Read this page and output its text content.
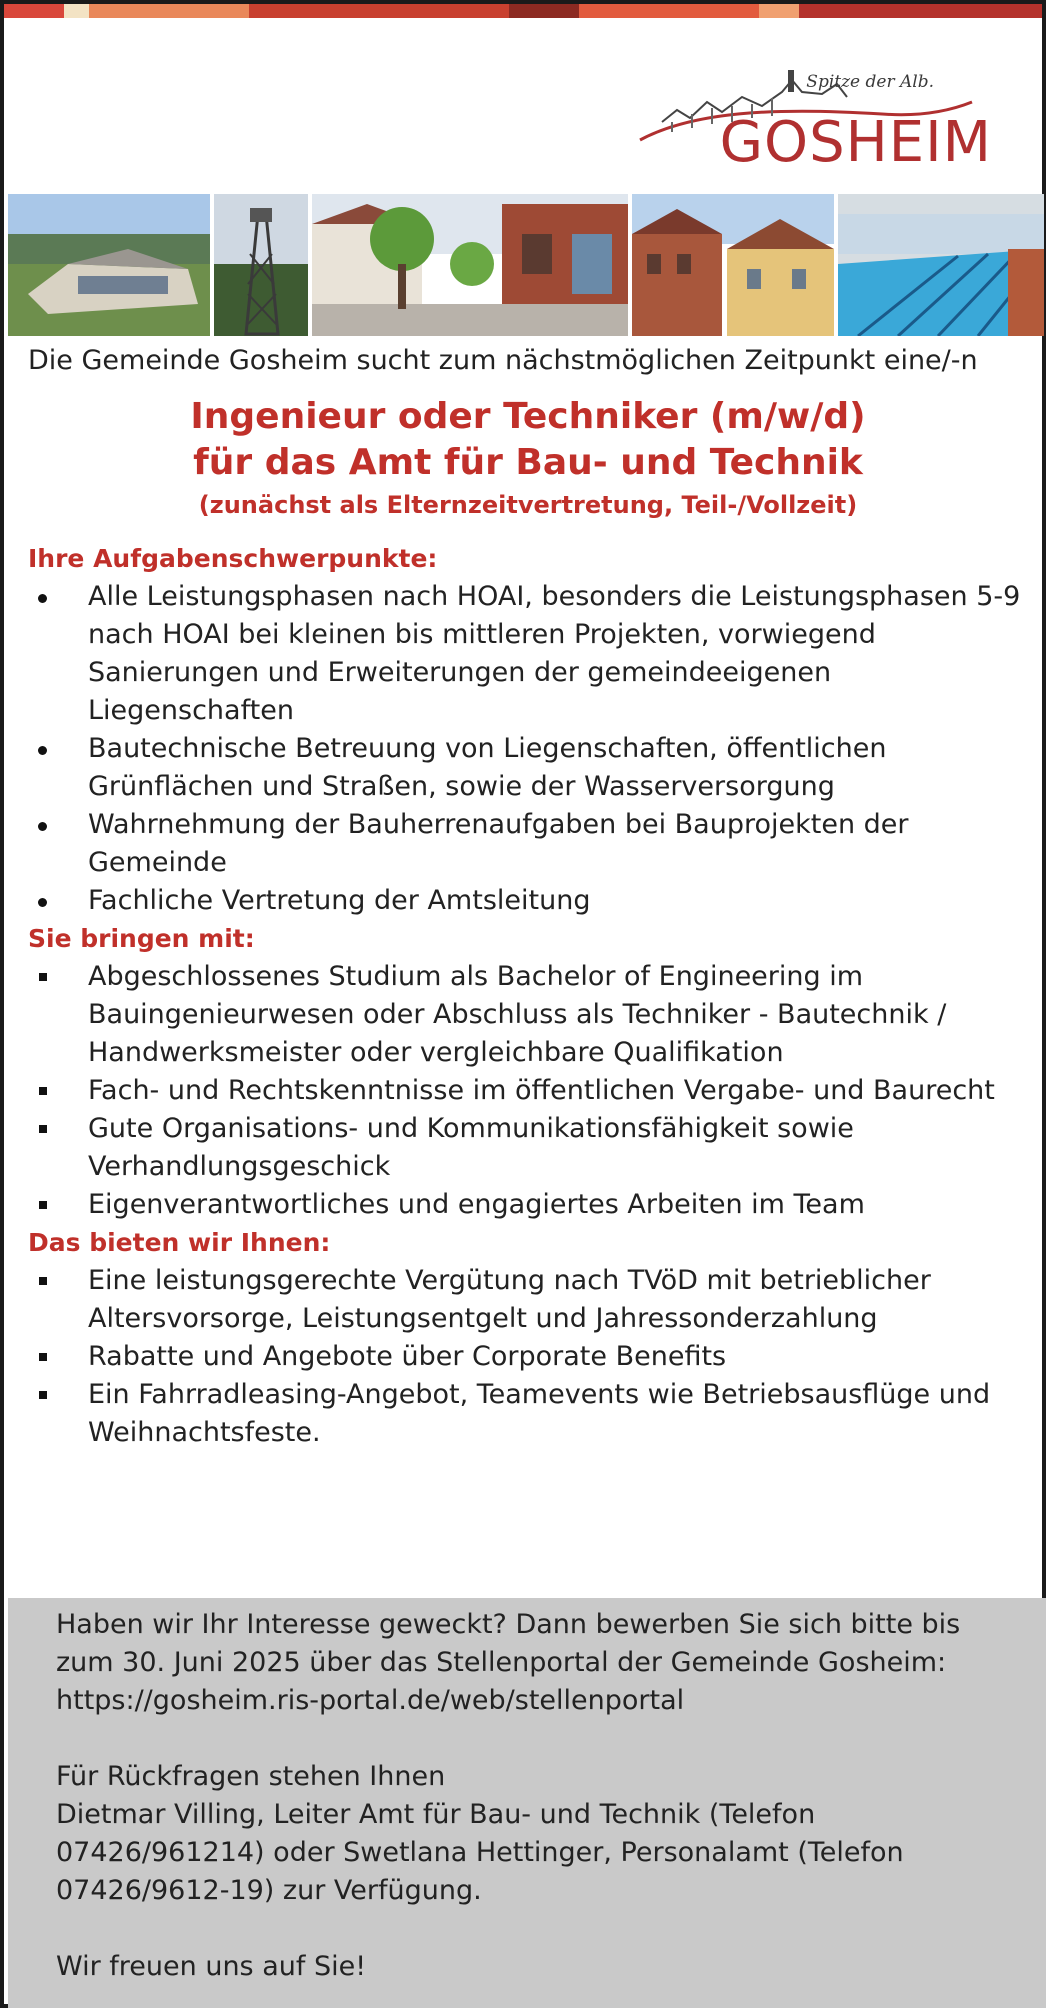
Spitze der Alb.
GOSHEIM

Die Gemeinde Gosheim sucht zum nächstmöglichen Zeitpunkt eine/-n

Ingenieur oder Techniker (m/w/d)
für das Amt für Bau- und Technik
(zunächst als Elternzeitvertretung, Teil-/Vollzeit)
Ihre Aufgabenschwerpunkte:
Alle Leistungsphasen nach HOAI, besonders die Leistungsphasen 5-9 nach HOAI bei kleinen bis mittleren Projekten, vorwiegend Sanierungen und Erweiterungen der gemeindeeigenen Liegenschaften
Bautechnische Betreuung von Liegenschaften, öffentlichen Grünflächen und Straßen, sowie der Wasserversorgung
Wahrnehmung der Bauherrenaufgaben bei Bauprojekten der Gemeinde
Fachliche Vertretung der Amtsleitung
Sie bringen mit:
Abgeschlossenes Studium als Bachelor of Engineering im Bauingenieurwesen oder Abschluss als Techniker - Bautechnik / Handwerksmeister oder vergleichbare Qualifikation
Fach- und Rechtskenntnisse im öffentlichen Vergabe- und Baurecht
Gute Organisations- und Kommunikationsfähigkeit sowie Verhandlungsgeschick
Eigenverantwortliches und engagiertes Arbeiten im Team
Das bieten wir Ihnen:
Eine leistungsgerechte Vergütung nach TVöD mit betrieblicher Altersvorsorge, Leistungsentgelt und Jahressonderzahlung
Rabatte und Angebote über Corporate Benefits
Ein Fahrradleasing-Angebot, Teamevents wie Betriebsausflüge und Weihnachtsfeste.

Haben wir Ihr Interesse geweckt? Dann bewerben Sie sich bitte bis zum 30. Juni 2025 über das Stellenportal der Gemeinde Gosheim:

https://gosheim.ris-portal.de/web/stellenportal

Für Rückfragen stehen Ihnen

Dietmar Villing, Leiter Amt für Bau- und Technik (Telefon 07426/961214) oder Swetlana Hettinger, Personalamt (Telefon 07426/9612-19) zur Verfügung.

Wir freuen uns auf Sie!
